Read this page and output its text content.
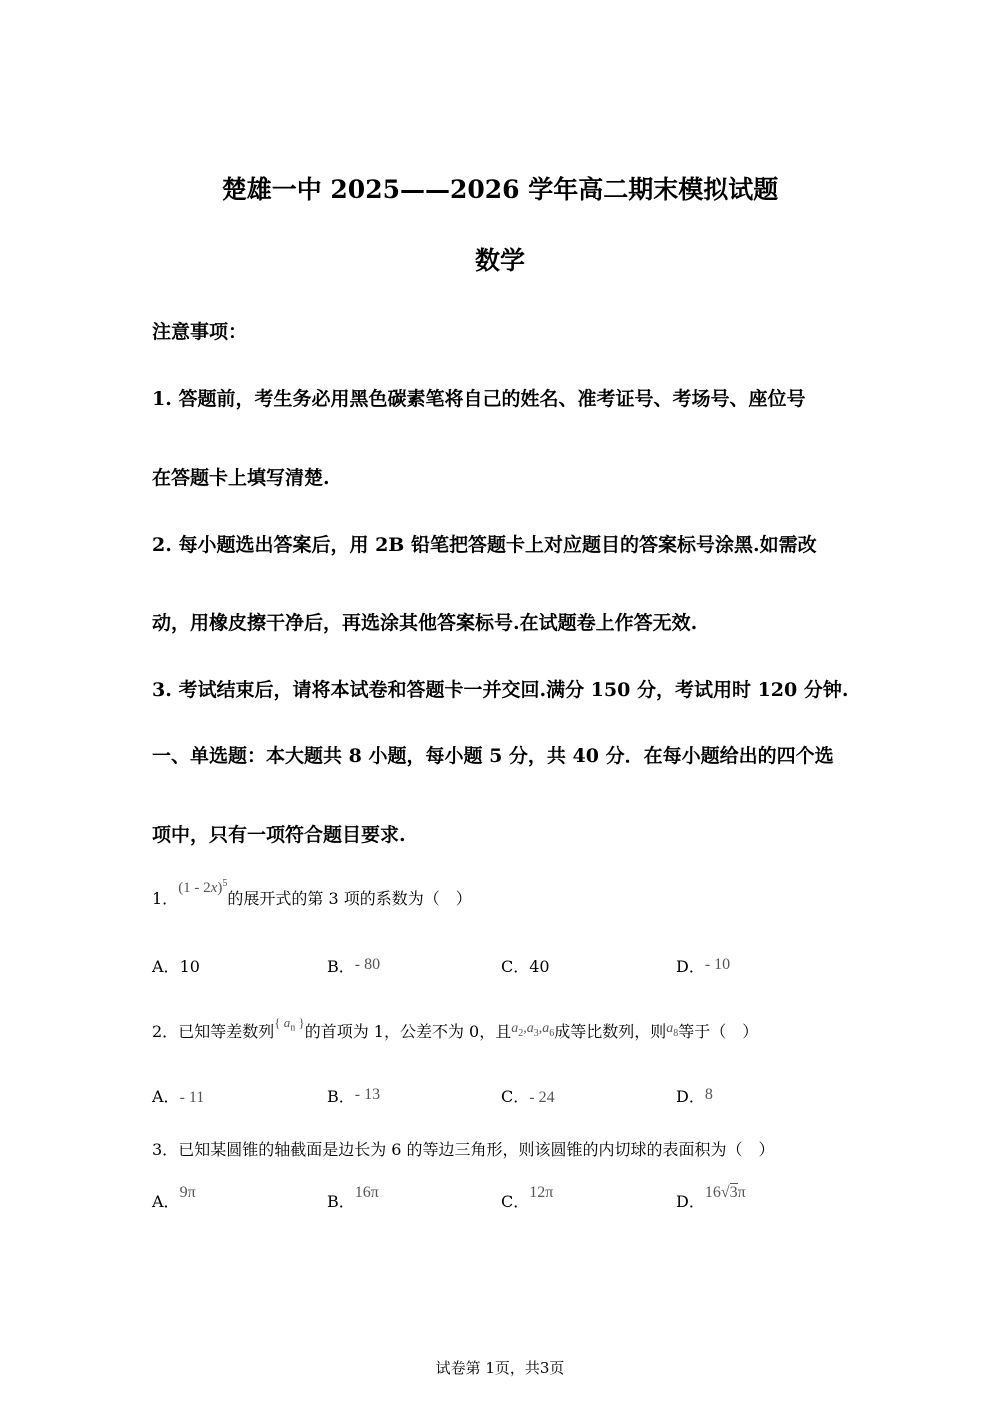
楚雄一中 2025——2026 学年高二期末模拟试题
数学
注意事项：
1. 答题前，考生务必用黑色碳素笔将自己的姓名、准考证号、考场号、座位号
在答题卡上填写清楚.
2. 每小题选出答案后，用 2B 铅笔把答题卡上对应题目的答案标号涂黑.如需改
动，用橡皮擦干净后，再选涂其他答案标号.在试题卷上作答无效.
3. 考试结束后，请将本试卷和答题卡一并交回.满分 150 分，考试用时 120 分钟.
一、单选题：本大题共 8 小题，每小题 5 分，共 40 分．在每小题给出的四个选
项中，只有一项符合题目要求.
1．(1 - 2x)$^5$的展开式的第 3 项的系数为（　）
A．10	B．- 80	C．40	D．- 10
2．已知等差数列$^{\{ a_n \}}$的首项为 1，公差不为 0，且$a_2,a_3,a_6$成等比数列，则$a_8$等于（　）
A．- 11	B．- 13	C．- 24	D．8
3．已知某圆锥的轴截面是边长为 6 的等边三角形，则该圆锥的内切球的表面积为（　）
A．9π	B．16π	C．12π	D．16√3π
试卷第 1页，共3页
